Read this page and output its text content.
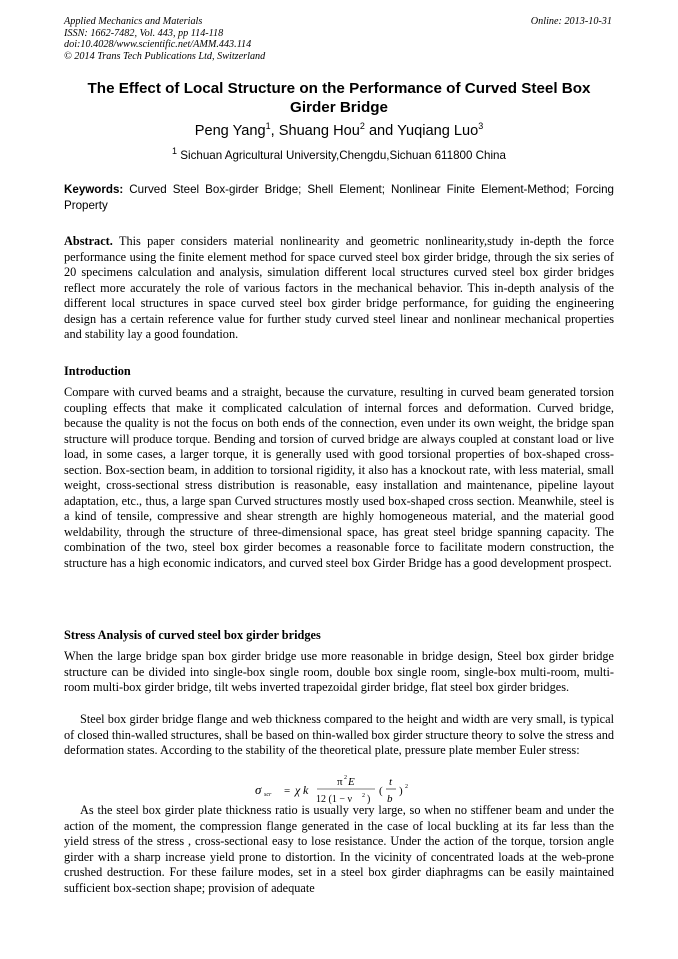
Applied Mechanics and Materials
ISSN: 1662-7482, Vol. 443, pp 114-118
doi:10.4028/www.scientific.net/AMM.443.114
© 2014 Trans Tech Publications Ltd, Switzerland
Online: 2013-10-31
The Effect of Local Structure on the Performance of Curved Steel Box Girder Bridge
Peng Yang$^1$, Shuang Hou$^2$ and Yuqiang Luo$^3$
$^1$ Sichuan Agricultural University,Chengdu,Sichuan 611800 China
Keywords: Curved Steel Box-girder Bridge; Shell Element; Nonlinear Finite Element-Method; Forcing Property
Abstract. This paper considers material nonlinearity and geometric nonlinearity,study in-depth the force performance using the finite element method for space curved steel box girder bridge, through the six series of 20 specimens calculation and analysis, simulation different local structures curved steel box girder bridges reflect more accurately the role of various factors in the mechanical behavior. This in-depth analysis of the different local structures in space curved steel box girder bridge performance, for guiding the engineering design has a certain reference value for further study curved steel linear and nonlinear mechanical properties and stability lay a good foundation.
Introduction
Compare with curved beams and a straight, because the curvature, resulting in curved beam generated torsion coupling effects that make it complicated calculation of internal forces and deformation. Curved bridge, because the quality is not the focus on both ends of the connection, even under its own weight, the bridge span structure will produce torque. Bending and torsion of curved bridge are always coupled at constant load or live load, in some cases, a larger torque, it is generally used with good torsional properties of box-shaped cross-section. Box-section beam, in addition to torsional rigidity, it also has a knockout rate, with less material, small weight, cross-sectional stress distribution is reasonable, easy installation and maintenance, pipeline layout adaptation, etc., thus, a large span Curved structures mostly used box-shaped cross section. Meanwhile, steel is a kind of tensile, compressive and shear strength are highly homogeneous material, and the material good weldability, through the structure of three-dimensional space, has great steel bridge spanning capacity. The combination of the two, steel box girder becomes a reasonable force to facilitate modern construction, the structure has a high economic indicators, and curved steel box Girder Bridge has a good development prospect.
Stress Analysis of curved steel box girder bridges
When the large bridge span box girder bridge use more reasonable in bridge design, Steel box girder bridge structure can be divided into single-box single room, double box single room, single-box multi-room, multi-room multi-box girder bridge, tilt webs inverted trapezoidal girder bridge, flat steel box girder bridges.
Steel box girder bridge flange and web thickness compared to the height and width are very small, is typical of closed thin-walled structures, shall be based on thin-walled box girder structure theory to solve the stress and deformation states. According to the stability of the theoretical plate, pressure plate member Euler stress:
σ scr = χ k
π 2 E
12 (1 − ν 2 )
(
t
b
) 2
As the steel box girder plate thickness ratio is usually very large, so when no stiffener beam and under the action of the moment, the compression flange generated in the case of local buckling at its far less than the yield stress of the stress , cross-sectional easy to lose resistance. Under the action of the torque, torsion angle girder with a sharp increase yield prone to distortion. In the vicinity of concentrated loads at the web-prone crushed destruction. For these failure modes, set in a steel box girder diaphragms can be easily maintained sufficient box-section shape; provision of adequate
